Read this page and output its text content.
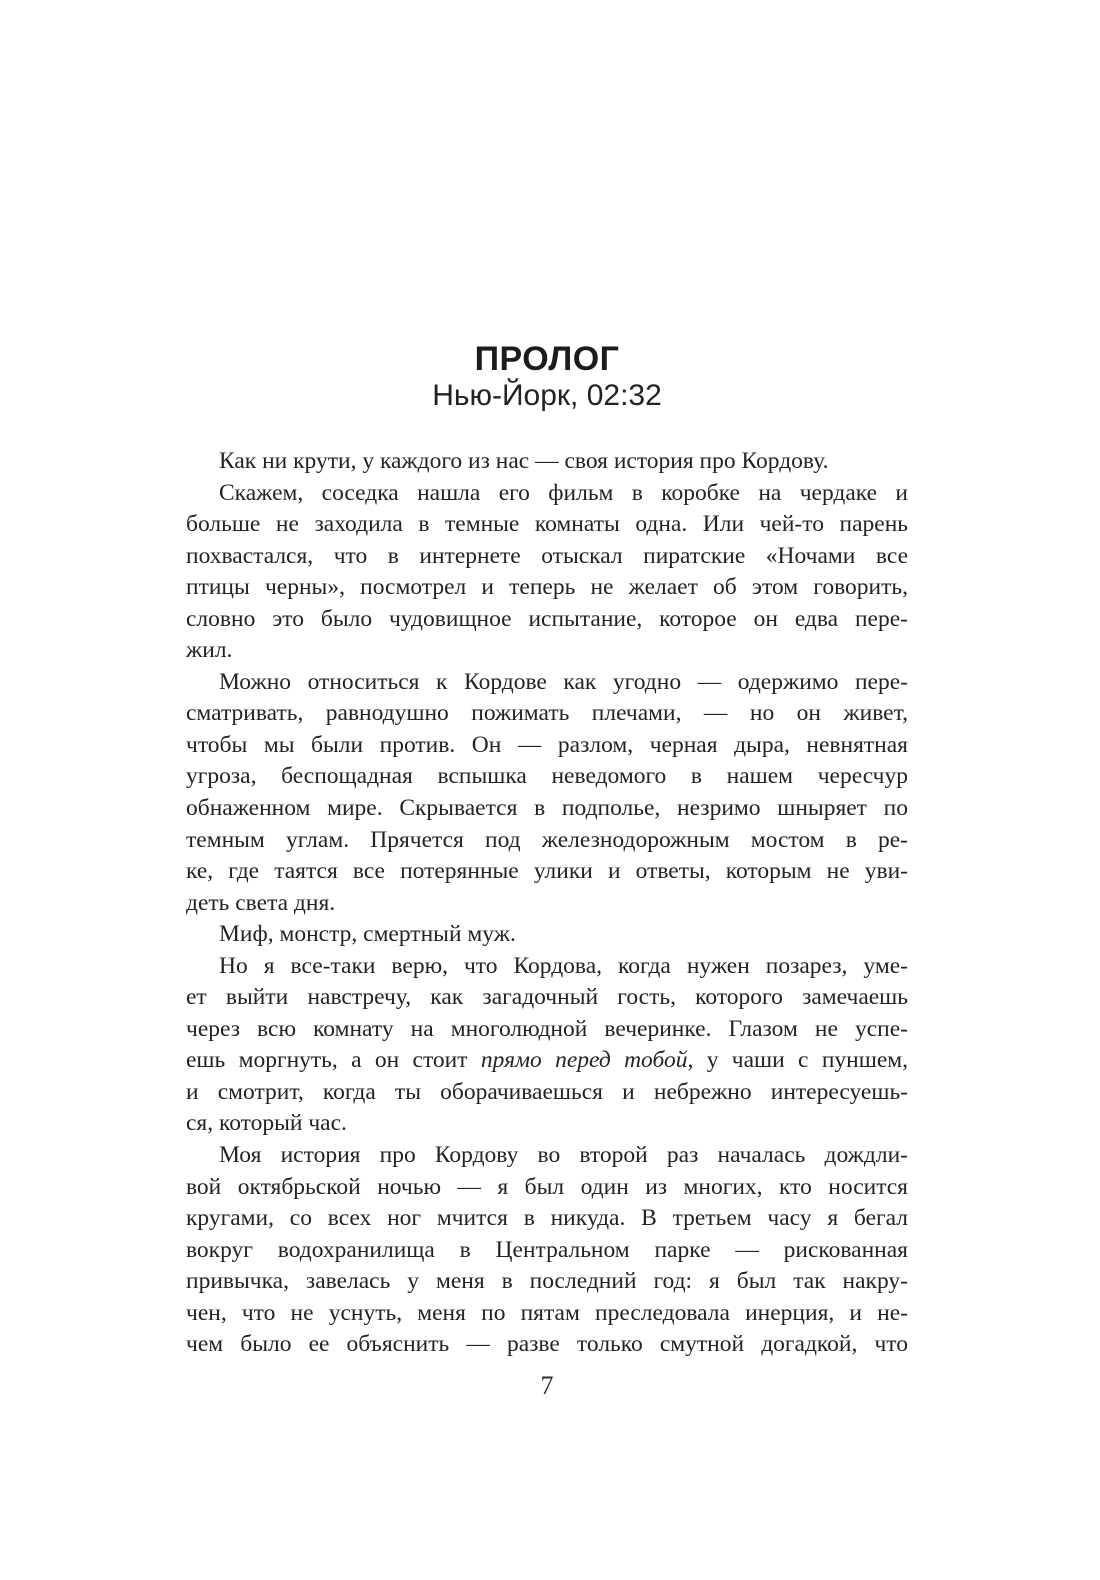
ПРОЛОГ
Нью-Йорк, 02:32
Как ни крути, у каждого из нас — своя история про Кордову.
Скажем, соседка нашла его фильм в коробке на чердаке и
больше не заходила в темные комнаты одна. Или чей-то парень
похвастался, что в интернете отыскал пиратские «Ночами все
птицы черны», посмотрел и теперь не желает об этом говорить,
словно это было чудовищное испытание, которое он едва пере-
жил.
Можно относиться к Кордове как угодно — одержимо пере-
сматривать, равнодушно пожимать плечами, — но он живет,
чтобы мы были против. Он — разлом, черная дыра, невнятная
угроза, беспощадная вспышка неведомого в нашем чересчур
обнаженном мире. Скрывается в подполье, незримо шныряет по
темным углам. Прячется под железнодорожным мостом в ре-
ке, где таятся все потерянные улики и ответы, которым не уви-
деть света дня.
Миф, монстр, смертный муж.
Но я все-таки верю, что Кордова, когда нужен позарез, уме-
ет выйти навстречу, как загадочный гость, которого замечаешь
через всю комнату на многолюдной вечеринке. Глазом не успе-
ешь моргнуть, а он стоит прямо перед тобой, у чаши с пуншем,
и смотрит, когда ты оборачиваешься и небрежно интересуешь-
ся, который час.
Моя история про Кордову во второй раз началась дождли-
вой октябрьской ночью — я был один из многих, кто носится
кругами, со всех ног мчится в никуда. В третьем часу я бегал
вокруг водохранилища в Центральном парке — рискованная
привычка, завелась у меня в последний год: я был так накру-
чен, что не уснуть, меня по пятам преследовала инерция, и не-
чем было ее объяснить — разве только смутной догадкой, что
7
